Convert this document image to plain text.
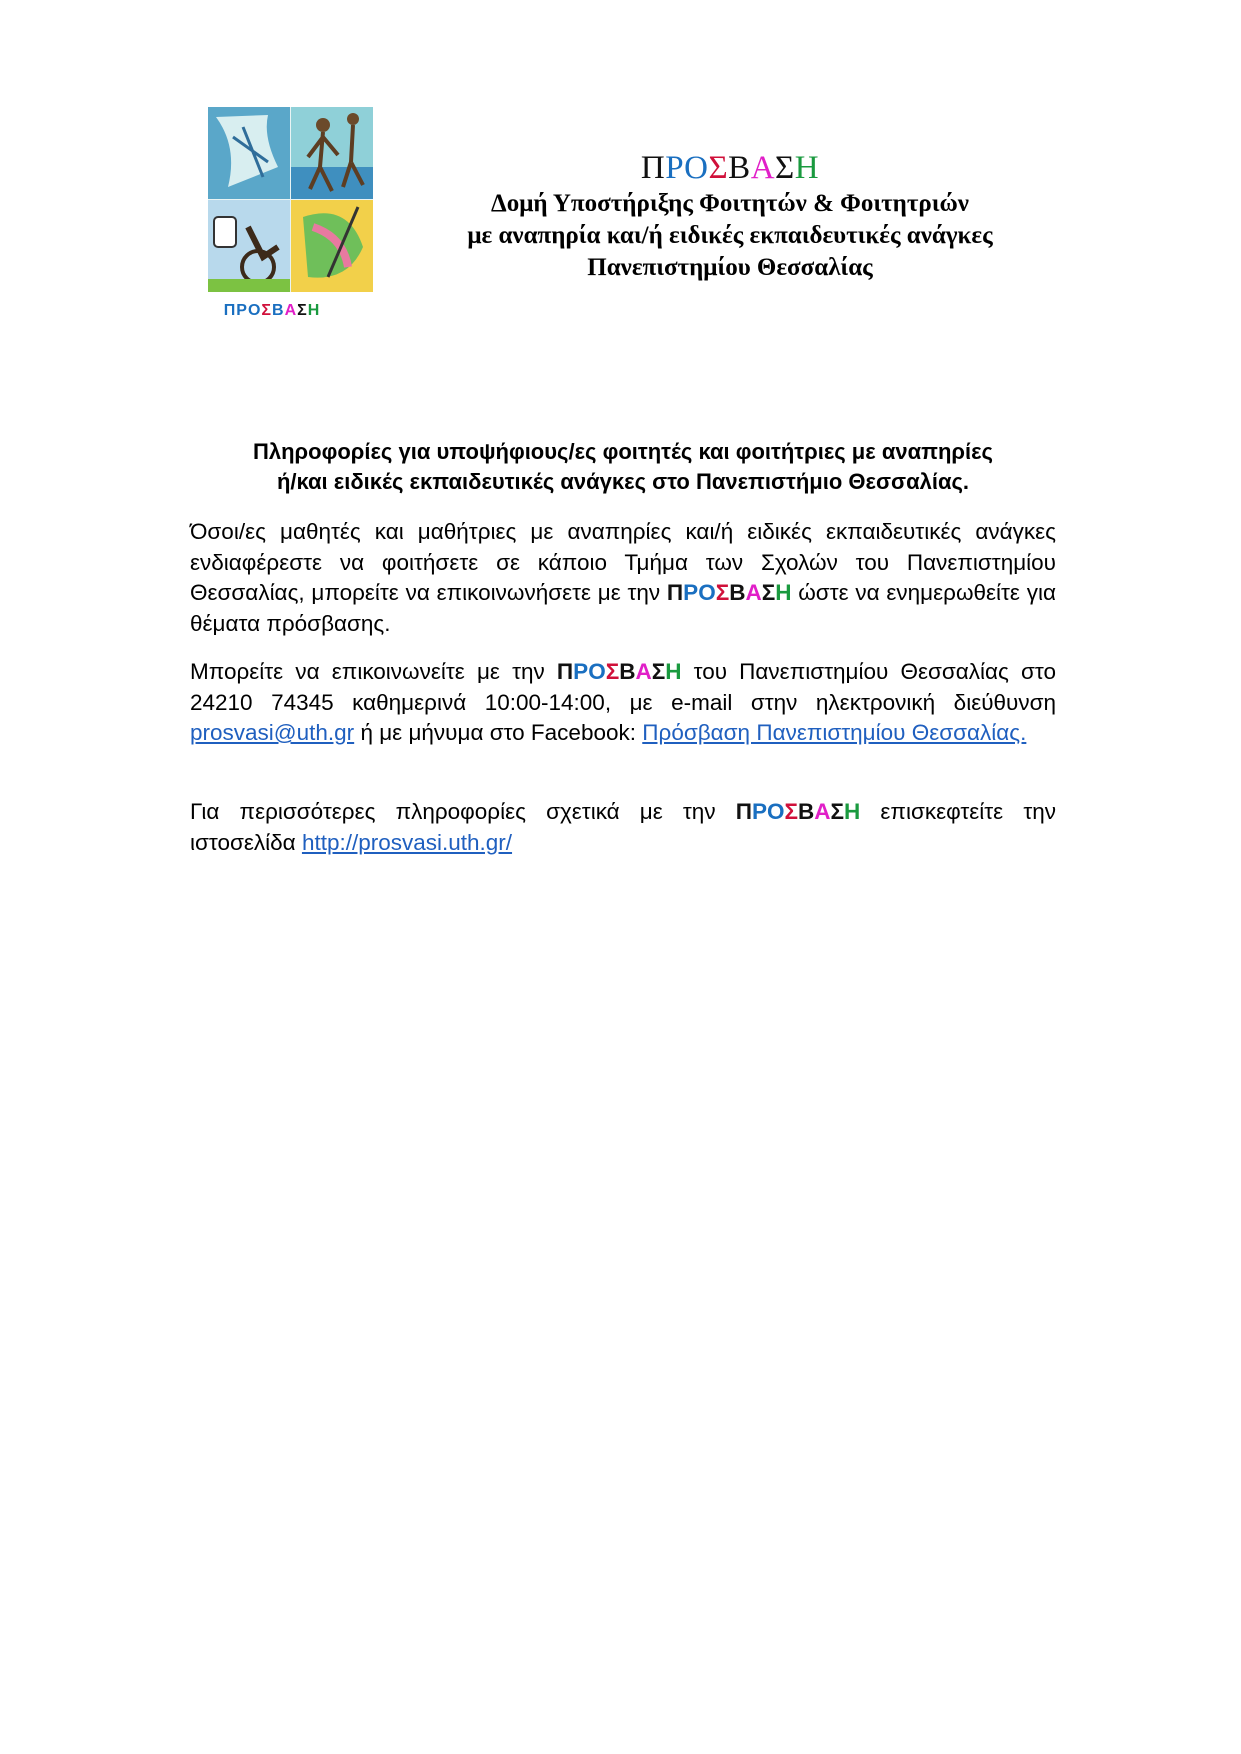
ΠΡΟΣΒΑΣΗ
ΠΡΟΣΒΑΣΗ
Δομή Υποστήριξης Φοιτητών & Φοιτητριών
με αναπηρία και/ή ειδικές εκπαιδευτικές ανάγκες
Πανεπιστημίου Θεσσαλίας
Πληροφορίες για υποψήφιους/ες φοιτητές και φοιτήτριες με αναπηρίες
ή/και ειδικές εκπαιδευτικές ανάγκες στο Πανεπιστήμιο Θεσσαλίας.
Όσοι/ες μαθητές και μαθήτριες με αναπηρίες και/ή ειδικές εκπαιδευτικές ανάγκες ενδιαφέρεστε να φοιτήσετε σε κάποιο Τμήμα των Σχολών του Πανεπιστημίου Θεσσαλίας, μπορείτε να επικοινωνήσετε με την ΠΡΟΣΒΑΣΗ ώστε να ενημερωθείτε για θέματα πρόσβασης.
Μπορείτε να επικοινωνείτε με την ΠΡΟΣΒΑΣΗ του Πανεπιστημίου Θεσσαλίας στο 24210 74345 καθημερινά 10:00-14:00, με e-mail στην ηλεκτρονική διεύθυνση prosvasi@uth.gr ή με μήνυμα στο Facebook: Πρόσβαση Πανεπιστημίου Θεσσαλίας.
Για περισσότερες πληροφορίες σχετικά με την ΠΡΟΣΒΑΣΗ επισκεφτείτε την ιστοσελίδα http://prosvasi.uth.gr/
